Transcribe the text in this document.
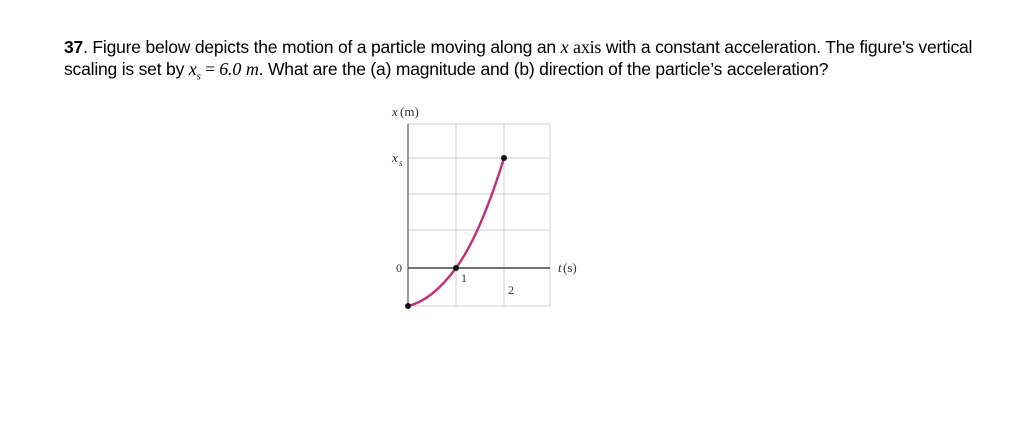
37. Figure below depicts the motion of a particle moving along an x axis with a constant acceleration. The figure's vertical scaling is set by $x_s = 6.0$ m. What are the (a) magnitude and (b) direction of the particle’s acceleration?
x (m)
x s
0
1
2
t (s)
